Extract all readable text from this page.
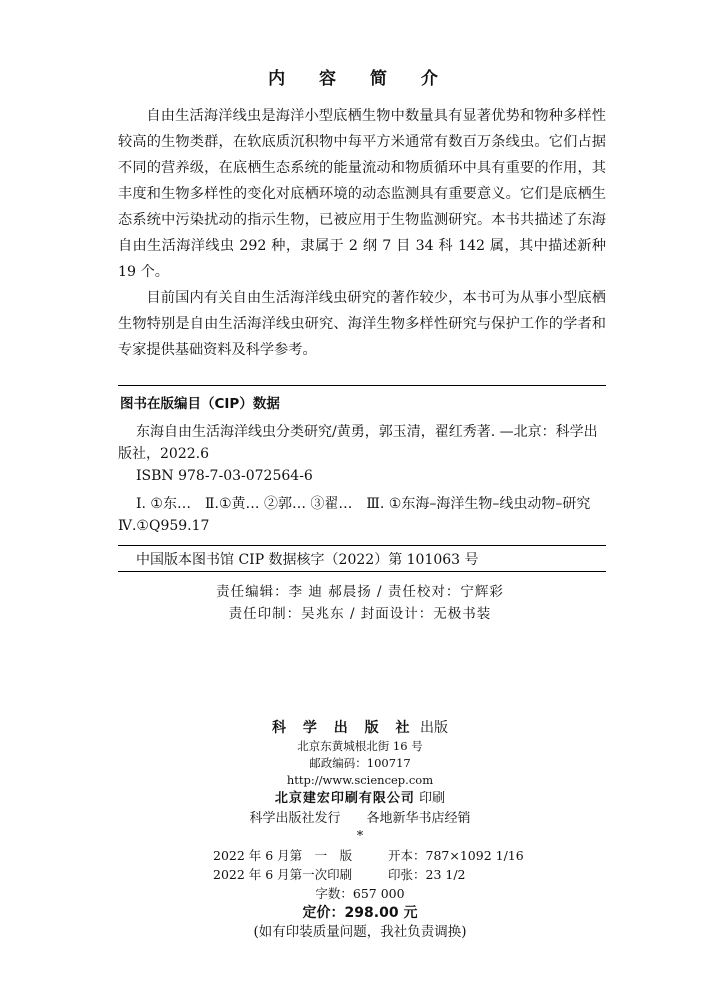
内 容 简 介

自由生活海洋线虫是海洋小型底栖生物中数量具有显著优势和物种多样性较高的生物类群，在软底质沉积物中每平方米通常有数百万条线虫。它们占据不同的营养级，在底栖生态系统的能量流动和物质循环中具有重要的作用，其丰度和生物多样性的变化对底栖环境的动态监测具有重要意义。它们是底栖生态系统中污染扰动的指示生物，已被应用于生物监测研究。本书共描述了东海自由生活海洋线虫 292 种，隶属于 2 纲 7 目 34 科 142 属，其中描述新种 19 个。

目前国内有关自由生活海洋线虫研究的著作较少，本书可为从事小型底栖生物特别是自由生活海洋线虫研究、海洋生物多样性研究与保护工作的学者和专家提供基础资料及科学参考。

图书在版编目（CIP）数据

东海自由生活海洋线虫分类研究/黄勇，郭玉清，翟红秀著. —北京：科学出版社，2022.6

ISBN 978-7-03-072564-6

Ⅰ. ①东…　Ⅱ.①黄… ②郭… ③翟…　Ⅲ. ①东海–海洋生物–线虫动物–研究　Ⅳ.①Q959.17

中国版本图书馆 CIP 数据核字（2022）第 101063 号
责任编辑：李 迪 郝晨扬 / 责任校对：宁辉彩
责任印制：吴兆东 / 封面设计：无极书装
科 学 出 版 社 出版
北京东黄城根北街 16 号
邮政编码：100717
http://www.sciencep.com
北京建宏印刷有限公司 印刷
科学出版社发行　　各地新华书店经销
*
2022 年 6 月第　一　版	开本：787×1092 1/16
2022 年 6 月第一次印刷	印张：23 1/2
字数：657 000
定价：298.00 元
(如有印装质量问题，我社负责调换)
